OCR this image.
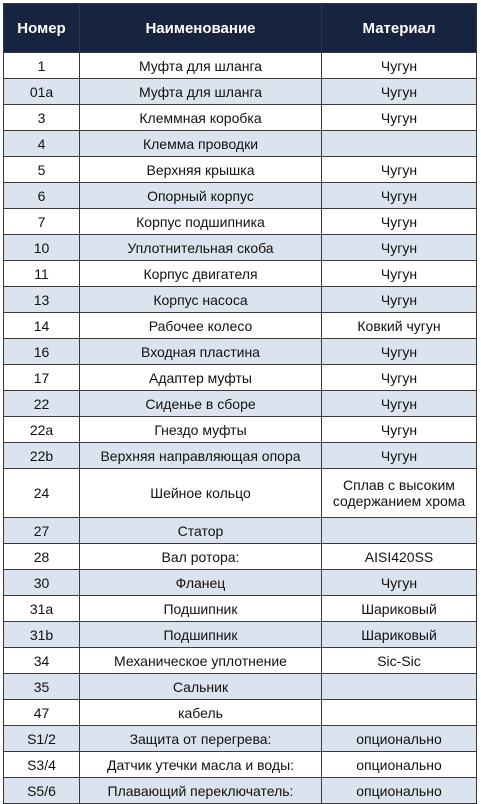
Номер	Наименование	Материал
1	Муфта для шланга	Чугун
01a	Муфта для шланга	Чугун
3	Клеммная коробка	Чугун
4	Клемма проводки	
5	Верхняя крышка	Чугун
6	Опорный корпус	Чугун
7	Корпус подшипника	Чугун
10	Уплотнительная скоба	Чугун
11	Корпус двигателя	Чугун
13	Корпус насоса	Чугун
14	Рабочее колесо	Ковкий чугун
16	Входная пластина	Чугун
17	Адаптер муфты	Чугун
22	Сиденье в сборе	Чугун
22a	Гнездо муфты	Чугун
22b	Верхняя направляющая опора	Чугун
24	Шейное кольцо	Сплав с высоким содержанием хрома
27	Статор	
28	Вал ротора:	AISI420SS
30	Фланец	Чугун
31a	Подшипник	Шариковый
31b	Подшипник	Шариковый
34	Механическое уплотнение	Sic-Sic
35	Сальник	
47	кабель	
S1/2	Защита от перегрева:	опционально
S3/4	Датчик утечки масла и воды:	опционально
S5/6	Плавающий переключатель:	опционально
